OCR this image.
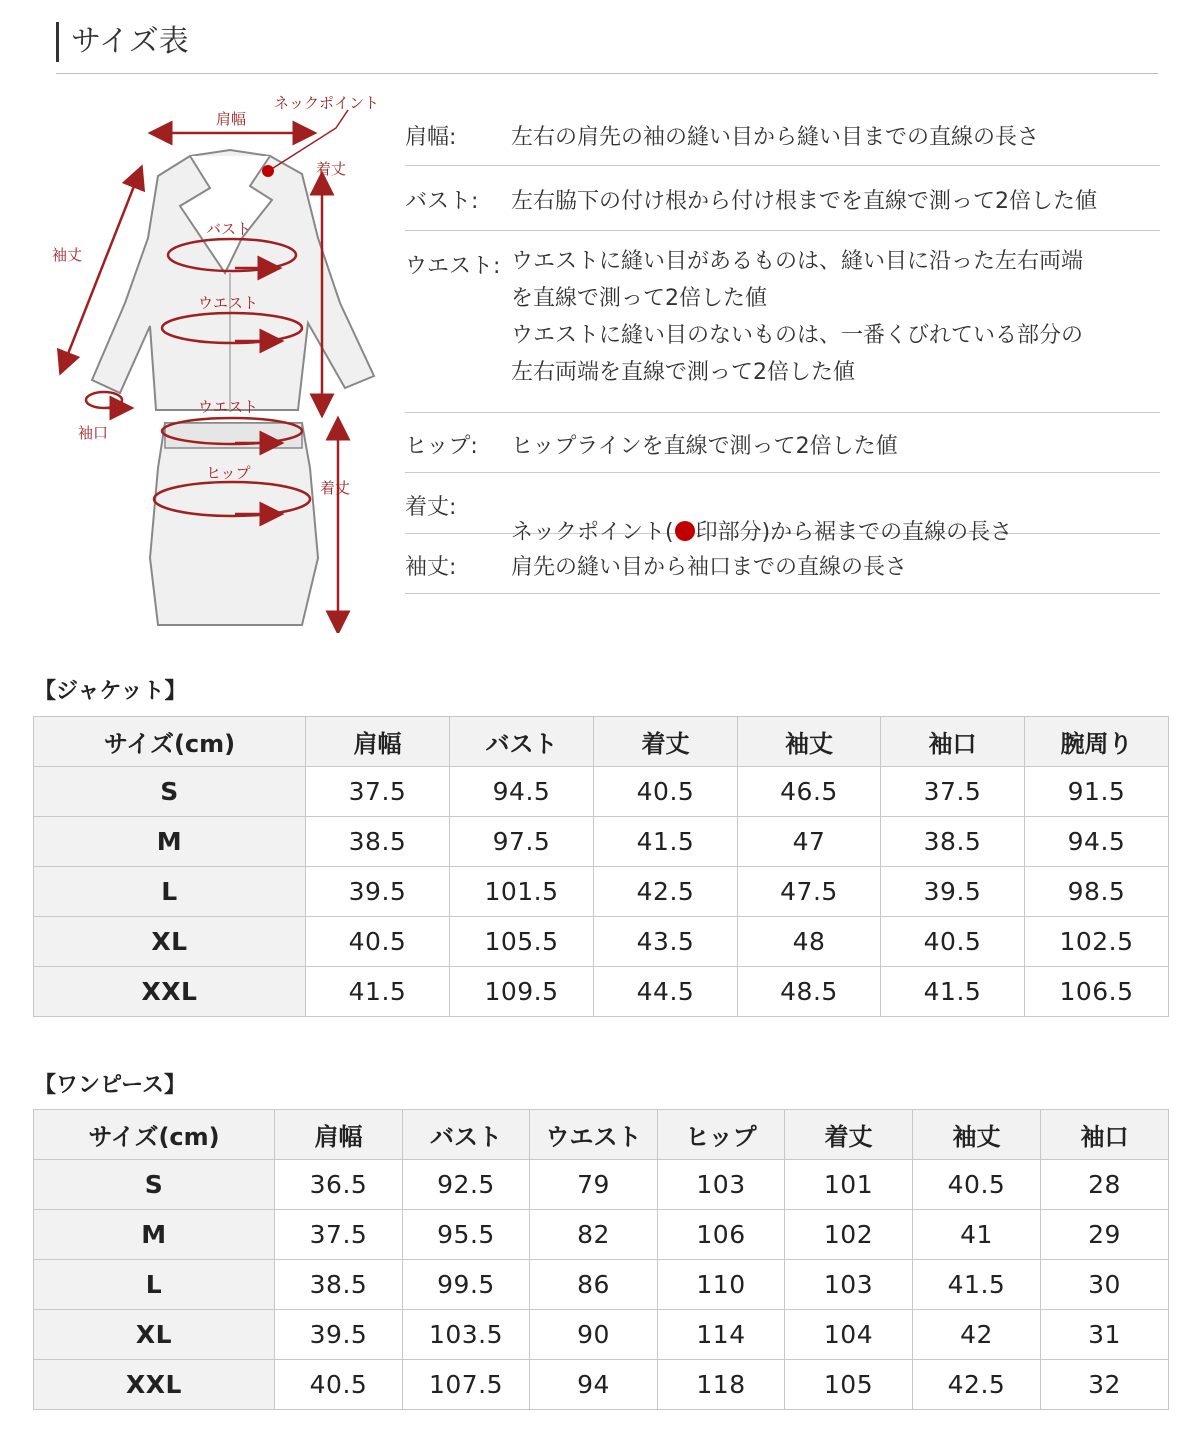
サイズ表
肩幅
ネックポイント
着丈
袖丈
バスト
ウエスト
ウエスト
袖口
ヒップ
着丈
肩幅:	左右の肩先の袖の縫い目から縫い目までの直線の長さ
バスト:	左右脇下の付け根から付け根までを直線で測って2倍した値
ウエスト: ウエストに縫い目があるものは、縫い目に沿った左右両端
を直線で測って2倍した値
ウエストに縫い目のないものは、一番くびれている部分の
左右両端を直線で測って2倍した値
ヒップ:	ヒップラインを直線で測って2倍した値
着丈:

ネックポイント( 印部分)から裾までの直線の長さ

袖丈:	肩先の縫い目から袖口までの直線の長さ
【ジャケット】
サイズ(cm)	肩幅	バスト	着丈	袖丈	袖口	腕周り
S	37.5	94.5	40.5	46.5	37.5	91.5
M	38.5	97.5	41.5	47	38.5	94.5
L	39.5	101.5	42.5	47.5	39.5	98.5
XL	40.5	105.5	43.5	48	40.5	102.5
XXL	41.5	109.5	44.5	48.5	41.5	106.5
【ワンピース】
サイズ(cm)	肩幅	バスト	ウエスト	ヒップ	着丈	袖丈	袖口
S	36.5	92.5	79	103	101	40.5	28
M	37.5	95.5	82	106	102	41	29
L	38.5	99.5	86	110	103	41.5	30
XL	39.5	103.5	90	114	104	42	31
XXL	40.5	107.5	94	118	105	42.5	32
